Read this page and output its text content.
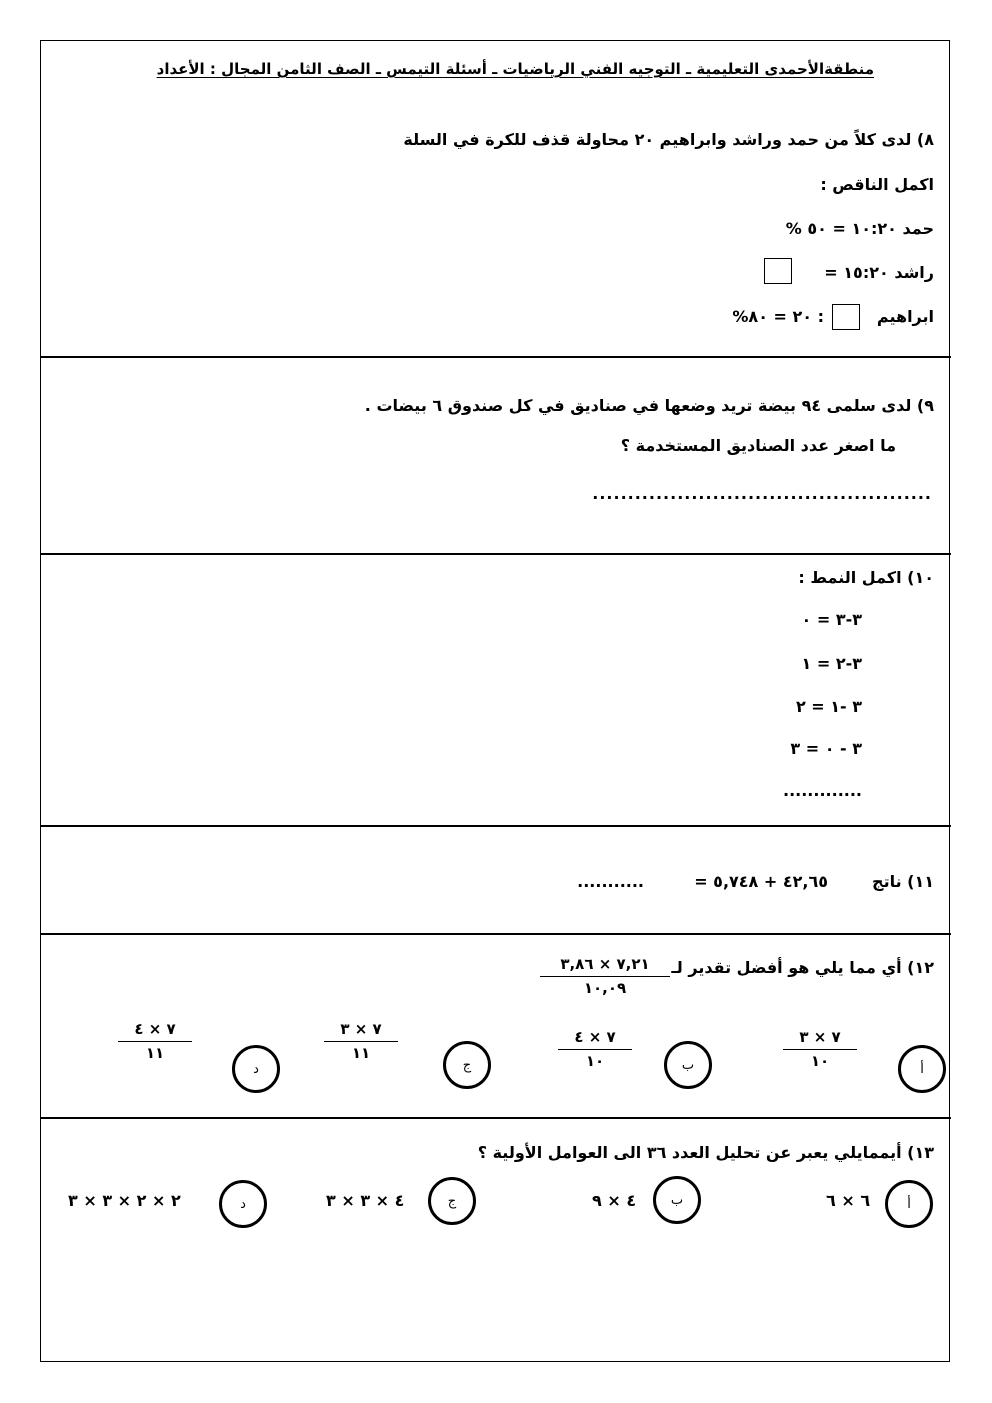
منطقةالأحمدى التعليمية ـ التوجيه الفني الرياضيات ـ أسئلة التيمس ـ الصف الثامن المجال : الأعداد
٨) لدى كلاً من حمد وراشد وابراهيم ٢٠ محاولة قذف للكرة في السلة
اكمل الناقص :
حمد ١٠:٢٠ = ٥٠ %
راشد ١٥:٢٠ =
ابراهيم
: ٢٠ = ٨٠%
٩) لدى سلمى ٩٤ بيضة تريد وضعها في صناديق في كل صندوق ٦ بيضات .
ما اصغر عدد الصناديق المستخدمة ؟
................................................
١٠) اكمل النمط :
٣-٣ = ٠
٣-٢ = ١
٣ -١ = ٢
٣ - ٠ = ٣
.............
١١) ناتج
٤٢,٦٥ + ٥,٧٤٨ =
...........
١٢) أي مما يلي هو أفضل تقدير لـ
٧,٢١ × ٣,٨٦
١٠,٠٩
أ
٧ × ٣
١٠
ب
٧ × ٤
١٠
ج
٧ × ٣
١١
د
٧ × ٤
١١
١٣) أيممايلي يعبر عن تحليل العدد ٣٦ الى العوامل الأولية ؟
أ
٦ × ٦
ب
٤ × ٩
ج
٤ × ٣ × ٣
د
٢ × ٢ × ٣ × ٣
